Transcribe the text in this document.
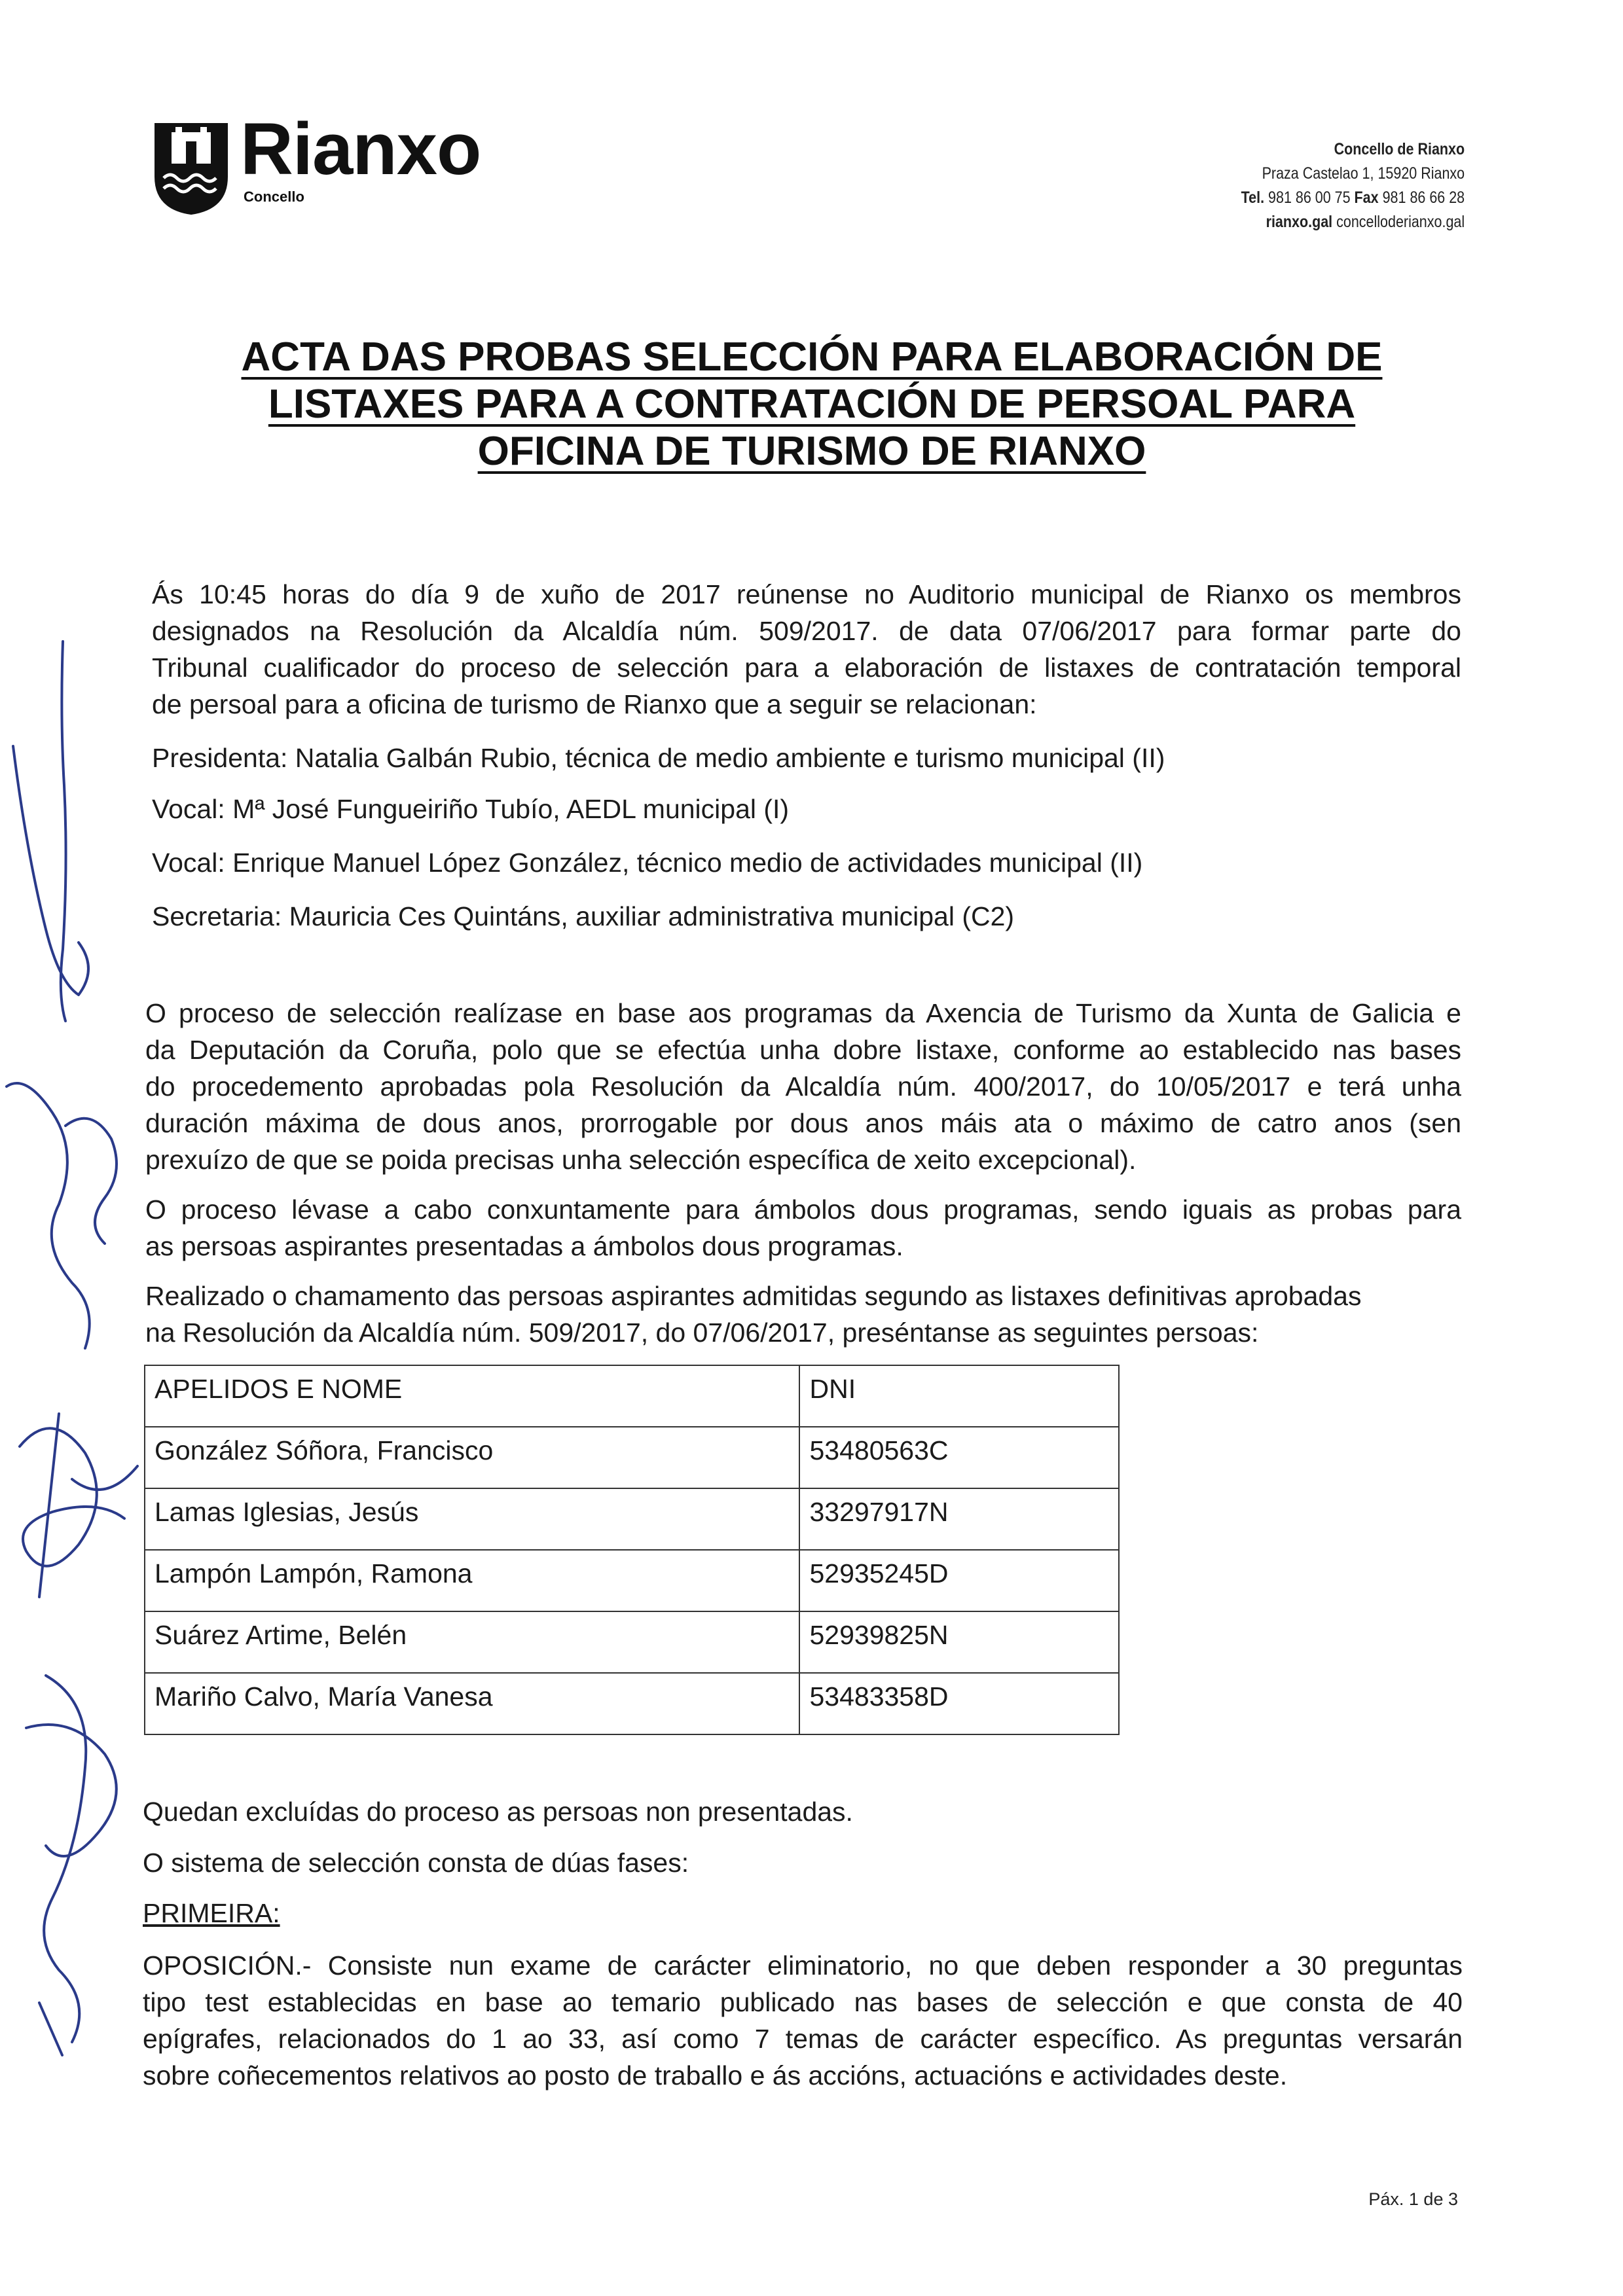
Rianxo
Concello
Concello de Rianxo
Praza Castelao 1, 15920 Rianxo
Tel. 981 86 00 75 Fax 981 86 66 28
rianxo.gal concelloderianxo.gal
ACTA DAS PROBAS SELECCIÓN PARA ELABORACIÓN DE
LISTAXES PARA A CONTRATACIÓN DE PERSOAL PARA
OFICINA DE TURISMO DE RIANXO
Ás 10:45 horas do día 9 de xuño de 2017 reúnense no Auditorio municipal de Rianxo os membros
designados na Resolución da Alcaldía núm. 509/2017. de data 07/06/2017 para formar parte do
Tribunal cualificador do proceso de selección para a elaboración de listaxes de contratación temporal
de persoal para a oficina de turismo de Rianxo que a seguir se relacionan:
Presidenta: Natalia Galbán Rubio, técnica de medio ambiente e turismo municipal (II)
Vocal: Mª José Fungueiriño Tubío, AEDL municipal (I)
Vocal: Enrique Manuel López González, técnico medio de actividades municipal (II)
Secretaria: Mauricia Ces Quintáns, auxiliar administrativa municipal (C2)
O proceso de selección realízase en base aos programas da Axencia de Turismo da Xunta de Galicia e
da Deputación da Coruña, polo que se efectúa unha dobre listaxe, conforme ao establecido nas bases
do procedemento aprobadas pola Resolución da Alcaldía núm. 400/2017, do 10/05/2017 e terá unha
duración máxima de dous anos, prorrogable por dous anos máis ata o máximo de catro anos (sen
prexuízo de que se poida precisas unha selección específica de xeito excepcional).
O proceso lévase a cabo conxuntamente para ámbolos dous programas, sendo iguais as probas para
as persoas aspirantes presentadas a ámbolos dous programas.
Realizado o chamamento das persoas aspirantes admitidas segundo as listaxes definitivas aprobadas
na Resolución da Alcaldía núm. 509/2017, do 07/06/2017, preséntanse as seguintes persoas:
APELIDOS E NOME	DNI
González Sóñora, Francisco	53480563C
Lamas Iglesias, Jesús	33297917N
Lampón Lampón, Ramona	52935245D
Suárez Artime, Belén	52939825N
Mariño Calvo, María Vanesa	53483358D
Quedan excluídas do proceso as persoas non presentadas.
O sistema de selección consta de dúas fases:
PRIMEIRA:
OPOSICIÓN.- Consiste nun exame de carácter eliminatorio, no que deben responder a 30 preguntas
tipo test establecidas en base ao temario publicado nas bases de selección e que consta de 40
epígrafes, relacionados do 1 ao 33, así como 7 temas de carácter específico. As preguntas versarán
sobre coñecementos relativos ao posto de traballo e ás accións, actuacións e actividades deste.
Páx. 1 de 3
